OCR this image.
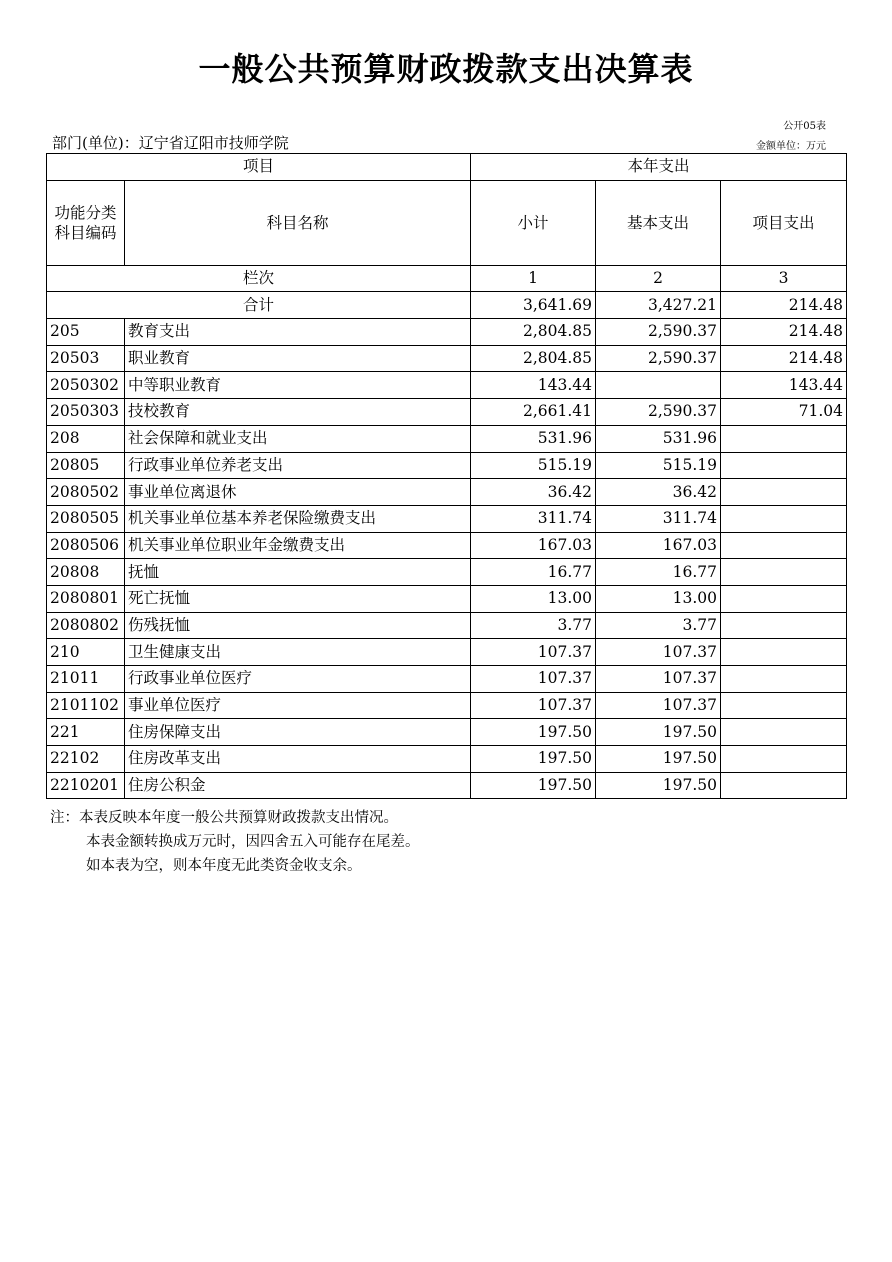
一般公共预算财政拨款支出决算表
公开05表
部门(单位)：辽宁省辽阳市技师学院	金额单位：万元
项目		本年支出		
功能分类科目编码	科目名称	小计	基本支出	项目支出
栏次		1	2	3
合计		3,641.69	3,427.21	214.48
205	教育支出	2,804.85	2,590.37	214.48
20503	职业教育	2,804.85	2,590.37	214.48
2050302	中等职业教育	143.44		143.44
2050303	技校教育	2,661.41	2,590.37	71.04
208	社会保障和就业支出	531.96	531.96	
20805	行政事业单位养老支出	515.19	515.19	
2080502	事业单位离退休	36.42	36.42	
2080505	机关事业单位基本养老保险缴费支出	311.74	311.74	
2080506	机关事业单位职业年金缴费支出	167.03	167.03	
20808	抚恤	16.77	16.77	
2080801	死亡抚恤	13.00	13.00	
2080802	伤残抚恤	3.77	3.77	
210	卫生健康支出	107.37	107.37	
21011	行政事业单位医疗	107.37	107.37	
2101102	事业单位医疗	107.37	107.37	
221	住房保障支出	197.50	197.50	
22102	住房改革支出	197.50	197.50	
2210201	住房公积金	197.50	197.50	
注：本表反映本年度一般公共预算财政拨款支出情况。
本表金额转换成万元时，因四舍五入可能存在尾差。
如本表为空，则本年度无此类资金收支余。
